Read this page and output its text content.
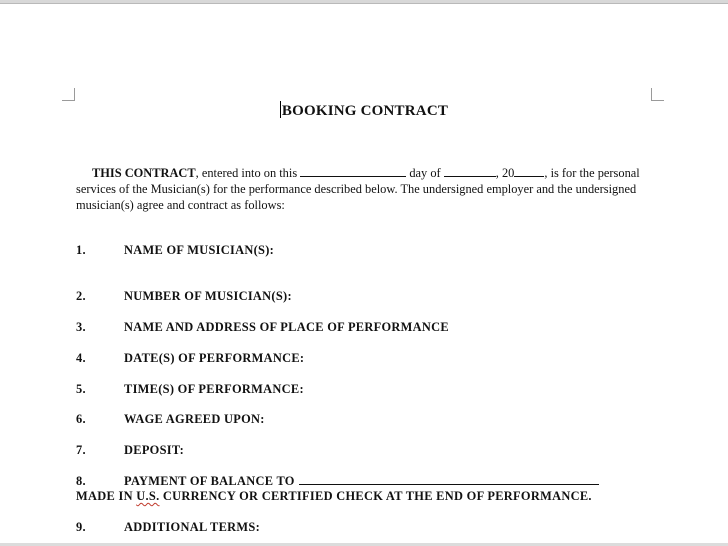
BOOKING CONTRACT
THIS CONTRACT, entered into on this	day of	, 20 , is for the personal services of the Musician(s) for the performance described below. The undersigned employer and the undersigned musician(s) agree and contract as follows:
1.	NAME OF MUSICIAN(S):
2.	NUMBER OF MUSICIAN(S):
3.	NAME AND ADDRESS OF PLACE OF PERFORMANCE
4.	DATE(S) OF PERFORMANCE:
5.	TIME(S) OF PERFORMANCE:
6.	WAGE AGREED UPON:
7.	DEPOSIT:
8.	PAYMENT OF BALANCE TO
MADE IN U.S. CURRENCY OR CERTIFIED CHECK AT THE END OF PERFORMANCE.
9.	ADDITIONAL TERMS:
